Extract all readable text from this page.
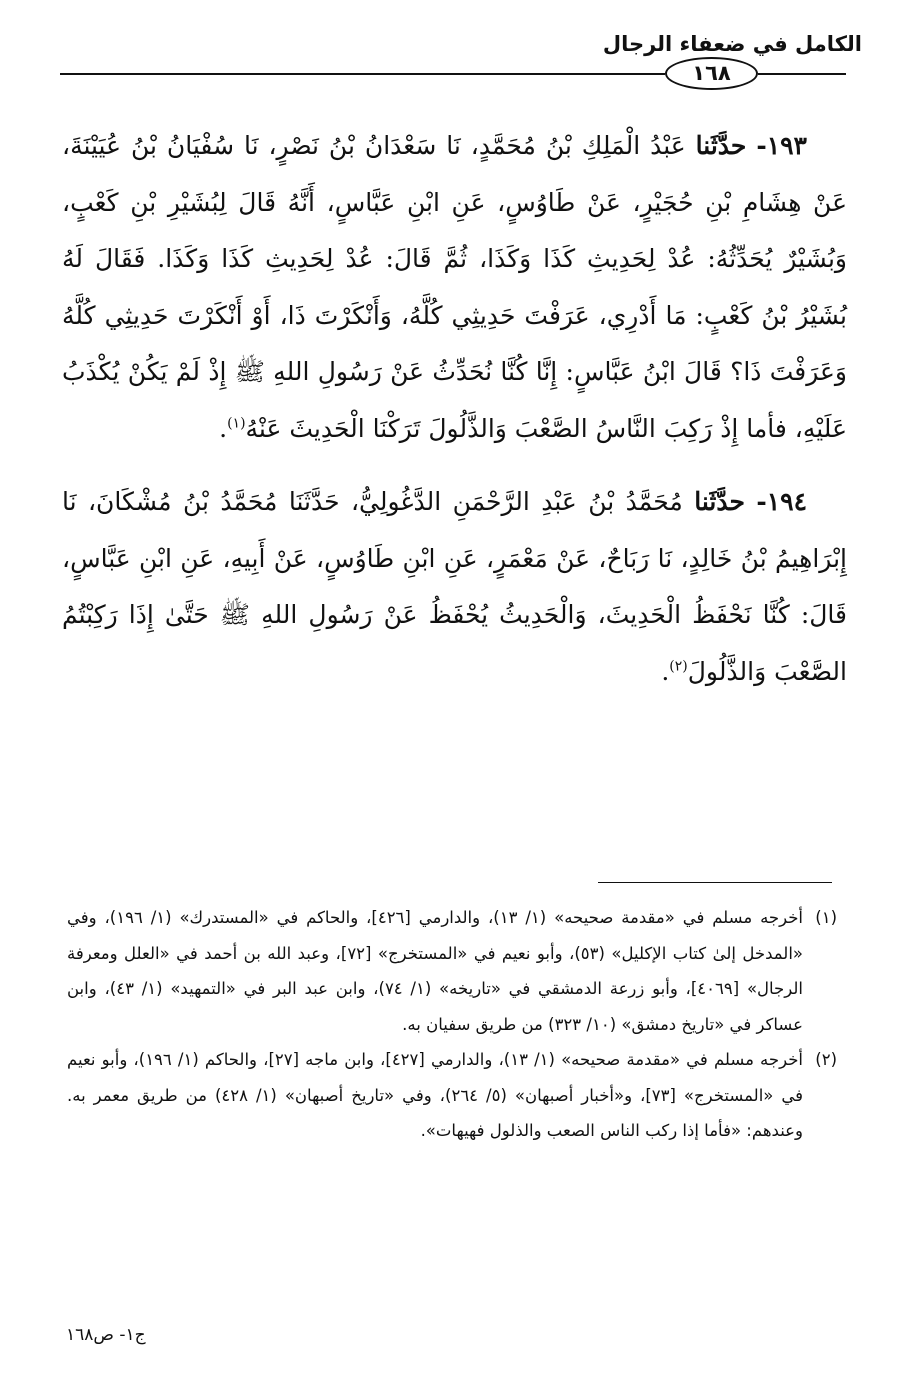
الكامل في ضعفاء الرجال
١٦٨

١٩٣- حدَّثَنا عَبْدُ الْمَلِكِ بْنُ مُحَمَّدٍ، نَا سَعْدَانُ بْنُ نَصْرٍ، نَا سُفْيَانُ بْنُ عُيَيْنَةَ، عَنْ هِشَامِ بْنِ حُجَيْرٍ، عَنْ طَاوُسٍ، عَنِ ابْنِ عَبَّاسٍ، أَنَّهُ قَالَ لِبُشَيْرِ بْنِ كَعْبٍ، وَبُشَيْرٌ يُحَدِّثُهُ: عُدْ لِحَدِيثِ كَذَا وَكَذَا، ثُمَّ قَالَ: عُدْ لِحَدِيثِ كَذَا وَكَذَا. فَقَالَ لَهُ بُشَيْرُ بْنُ كَعْبٍ: مَا أَدْرِي، عَرَفْتَ حَدِيثِي كُلَّهُ، وَأَنْكَرْتَ ذَا، أَوْ أَنْكَرْتَ حَدِيثِي كُلَّهُ وَعَرَفْتَ ذَا؟ قَالَ ابْنُ عَبَّاسٍ: إِنَّا كُنَّا نُحَدِّثُ عَنْ رَسُولِ اللهِ ﷺ إِذْ لَمْ يَكُنْ يُكْذَبُ عَلَيْهِ، فأما إِذْ رَكِبَ النَّاسُ الصَّعْبَ وَالذَّلُولَ تَرَكْنَا الْحَدِيثَ عَنْهُ$^{(١)}$.

١٩٤- حدَّثَنا مُحَمَّدُ بْنُ عَبْدِ الرَّحْمَنِ الدَّغُولِيُّ، حَدَّثَنَا مُحَمَّدُ بْنُ مُشْكَانَ، نَا إِبْرَاهِيمُ بْنُ خَالِدٍ، نَا رَبَاحٌ، عَنْ مَعْمَرٍ، عَنِ ابْنِ طَاوُسٍ، عَنْ أَبِيهِ، عَنِ ابْنِ عَبَّاسٍ، قَالَ: كُنَّا نَحْفَظُ الْحَدِيثَ، وَالْحَدِيثُ يُحْفَظُ عَنْ رَسُولِ اللهِ ﷺ حَتَّىٰ إِذَا رَكِبْتُمُ الصَّعْبَ وَالذَّلُولَ$^{(٢)}$.

(١)أخرجه مسلم في «مقدمة صحيحه» (١/ ١٣)، والدارمي [٤٢٦]، والحاكم في «المستدرك» (١/ ١٩٦)، وفي «المدخل إلىٰ كتاب الإكليل» (٥٣)، وأبو نعيم في «المستخرج» [٧٢]، وعبد الله بن أحمد في «العلل ومعرفة الرجال» [٤٠٦٩]، وأبو زرعة الدمشقي في «تاريخه» (١/ ٧٤)، وابن عبد البر في «التمهيد» (١/ ٤٣)، وابن عساكر في «تاريخ دمشق» (١٠/ ٣٢٣) من طريق سفيان به.

(٢)أخرجه مسلم في «مقدمة صحيحه» (١/ ١٣)، والدارمي [٤٢٧]، وابن ماجه [٢٧]، والحاكم (١/ ١٩٦)، وأبو نعيم في «المستخرج» [٧٣]، و«أخبار أصبهان» (٥/ ٢٦٤)، وفي «تاريخ أصبهان» (١/ ٤٢٨) من طريق معمر به. وعندهم: «فأما إذا ركب الناس الصعب والذلول فهيهات».

ج١- ص١٦٨
